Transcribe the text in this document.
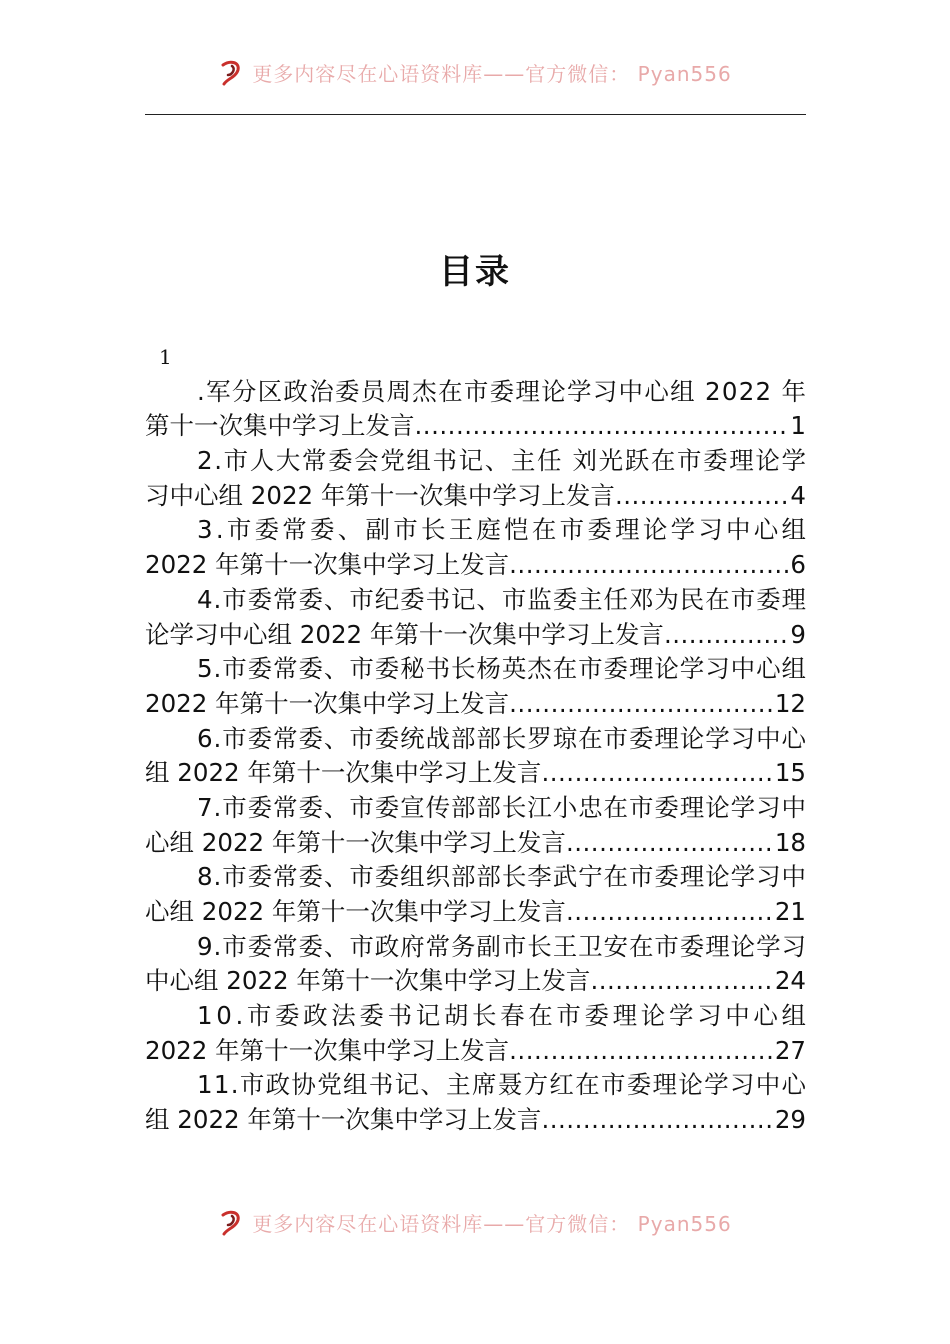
更多内容尽在心语资料库——官方微信： Pyan556
目录
1
.军分区政治委员周杰在市委理论学习中心组 2022 年
第十一次集中学习上发言 .....	1
2.市人大常委会党组书记、主任 刘光跃在市委理论学
习中心组 2022 年第十一次集中学习上发言 .....	4
3.市委常委、副市长王庭恺在市委理论学习中心组
2022 年第十一次集中学习上发言 .....	6
4.市委常委、市纪委书记、市监委主任邓为民在市委理
论学习中心组 2022 年第十一次集中学习上发言 .....	9
5.市委常委、市委秘书长杨英杰在市委理论学习中心组
2022 年第十一次集中学习上发言 .....	12
6.市委常委、市委统战部部长罗琼在市委理论学习中心
组 2022 年第十一次集中学习上发言 .....	15
7.市委常委、市委宣传部部长江小忠在市委理论学习中
心组 2022 年第十一次集中学习上发言 .....	18
8.市委常委、市委组织部部长李武宁在市委理论学习中
心组 2022 年第十一次集中学习上发言 .....	21
9.市委常委、市政府常务副市长王卫安在市委理论学习
中心组 2022 年第十一次集中学习上发言 .....	24
10.市委政法委书记胡长春在市委理论学习中心组
2022 年第十一次集中学习上发言 .....	27
11.市政协党组书记、主席聂方红在市委理论学习中心
组 2022 年第十一次集中学习上发言 .....	29
更多内容尽在心语资料库——官方微信： Pyan556
